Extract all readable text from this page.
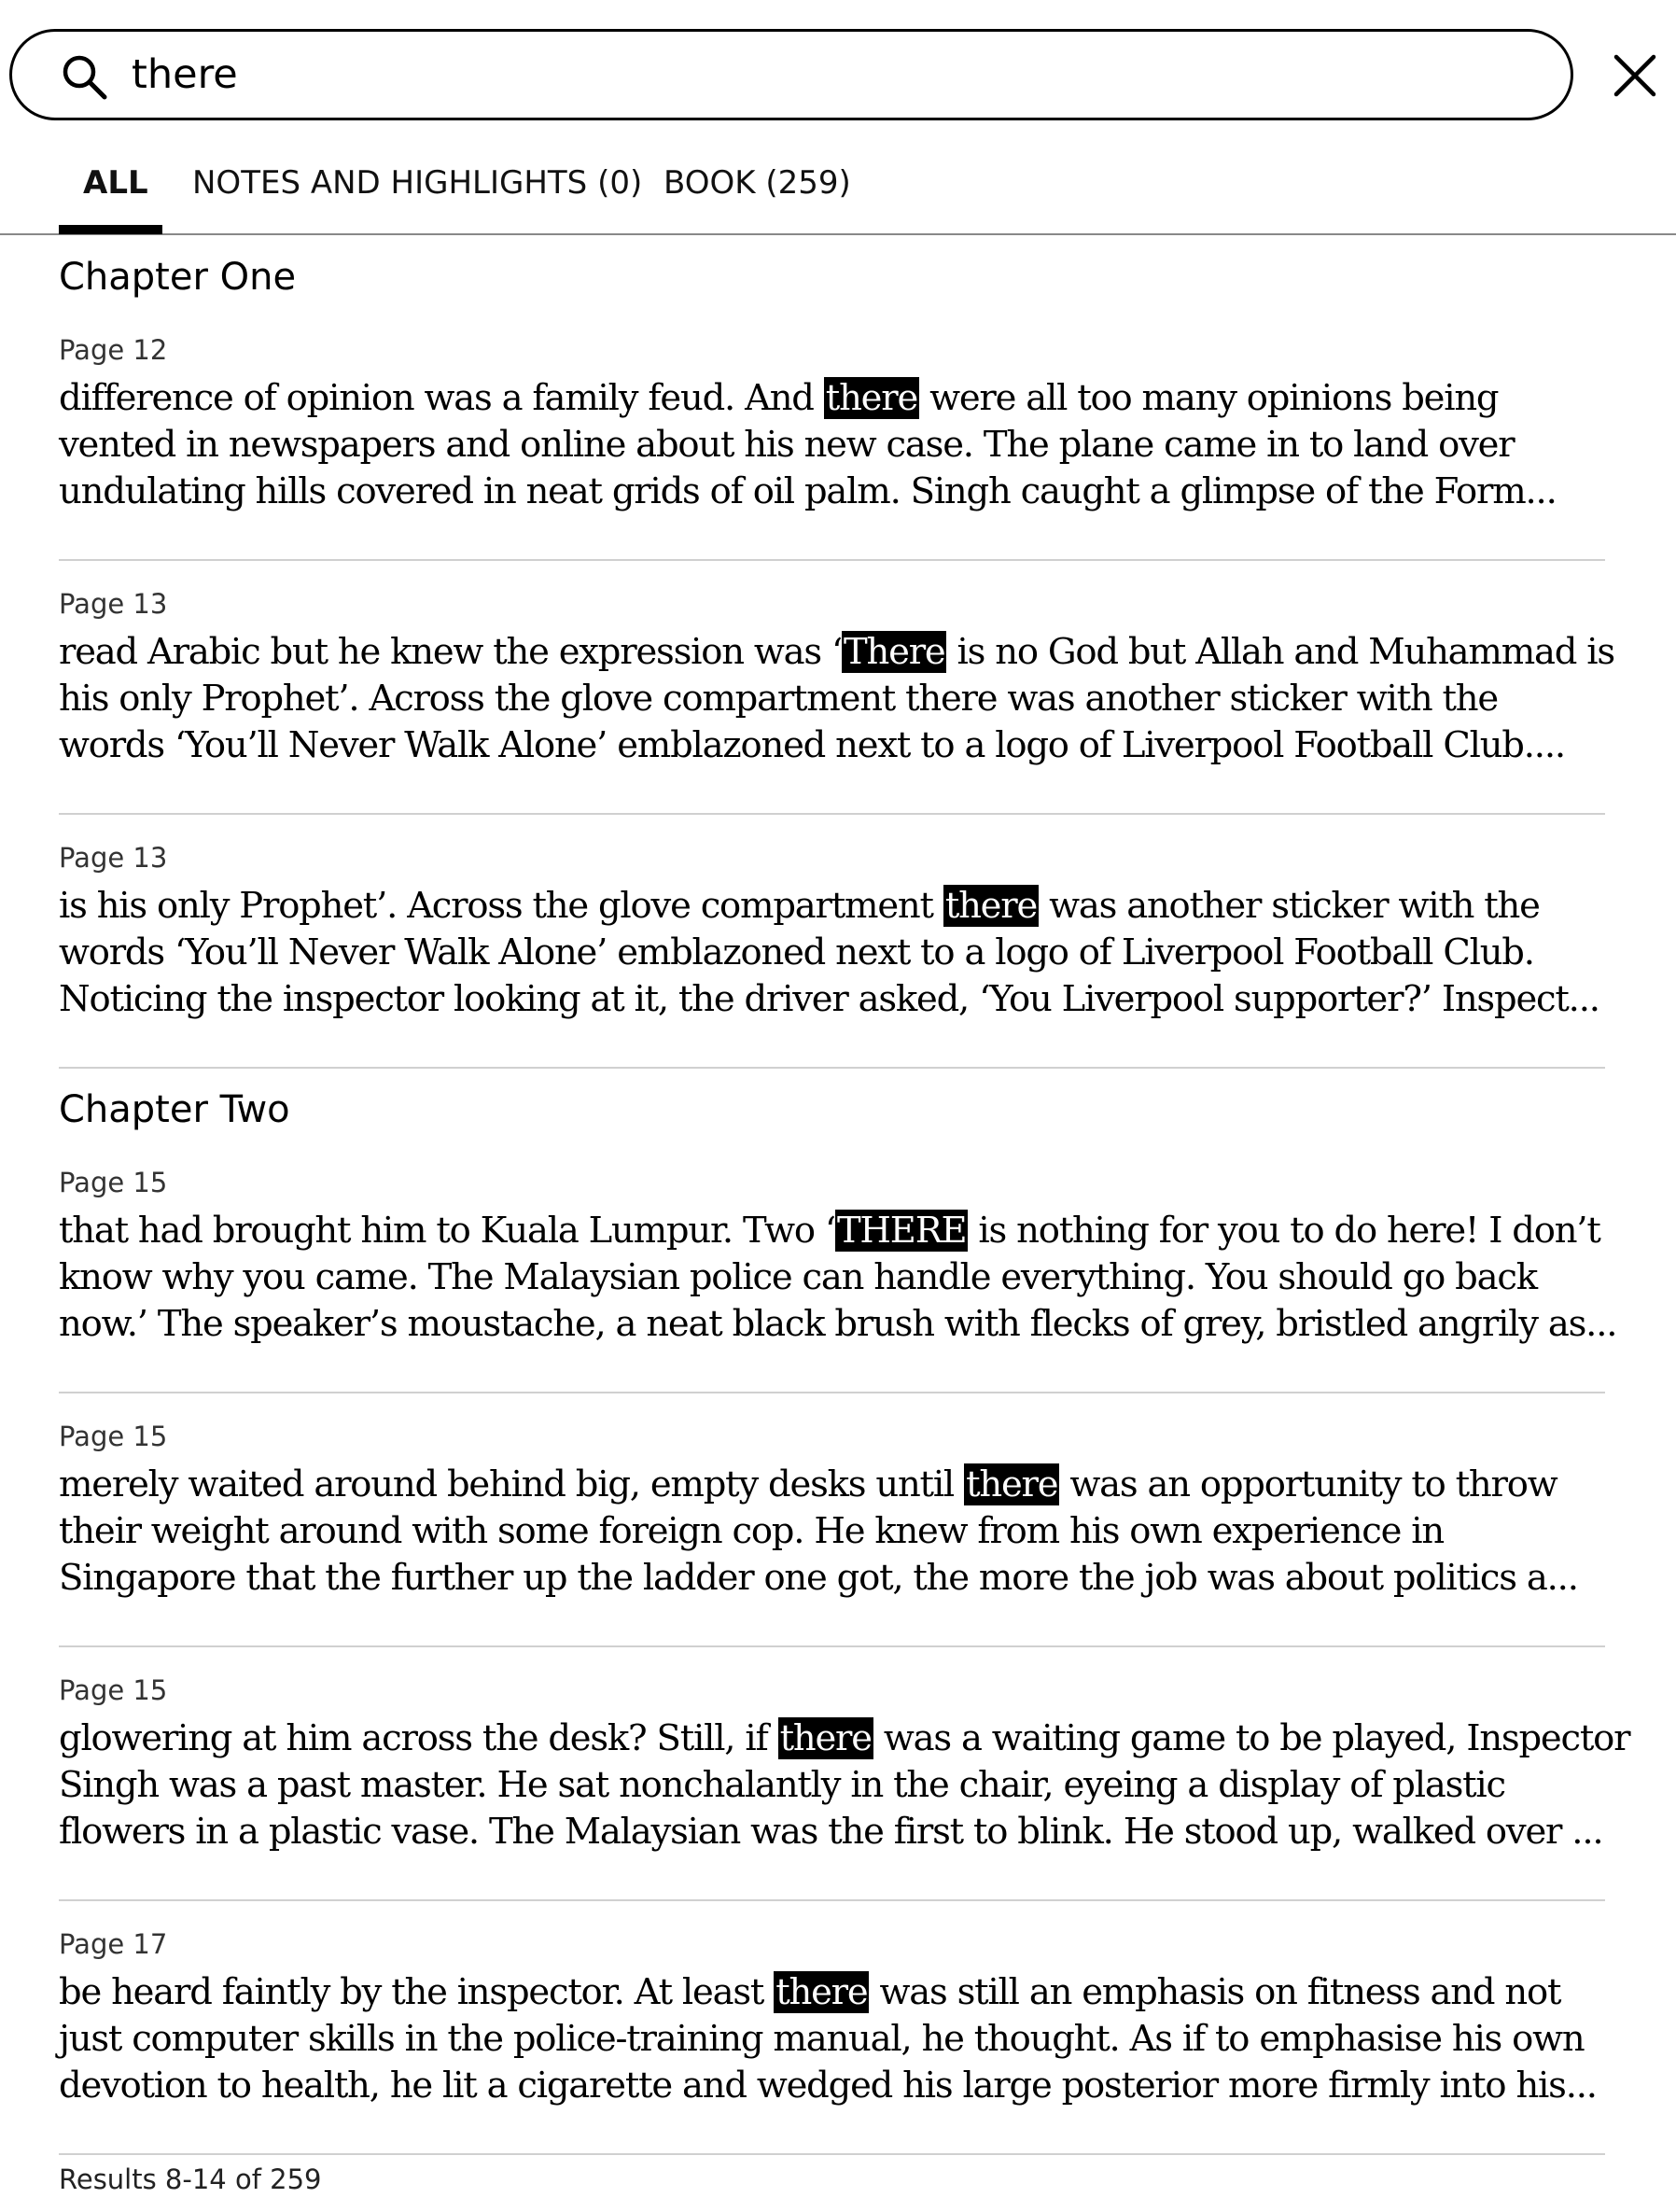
there
ALL NOTES AND HIGHLIGHTS (0) BOOK (259)
Chapter One
Page 12
difference of opinion was a family feud. And there were all too many opinions being
vented in newspapers and online about his new case. The plane came in to land over
undulating hills covered in neat grids of oil palm. Singh caught a glimpse of the Form...
Page 13
read Arabic but he knew the expression was ‘There is no God but Allah and Muhammad is
his only Prophet’. Across the glove compartment there was another sticker with the
words ‘You’ll Never Walk Alone’ emblazoned next to a logo of Liverpool Football Club....
Page 13
is his only Prophet’. Across the glove compartment there was another sticker with the
words ‘You’ll Never Walk Alone’ emblazoned next to a logo of Liverpool Football Club.
Noticing the inspector looking at it, the driver asked, ‘You Liverpool supporter?’ Inspect...
Chapter Two
Page 15
that had brought him to Kuala Lumpur. Two ‘THERE is nothing for you to do here! I don’t
know why you came. The Malaysian police can handle everything. You should go back
now.’ The speaker’s moustache, a neat black brush with flecks of grey, bristled angrily as...
Page 15
merely waited around behind big, empty desks until there was an opportunity to throw
their weight around with some foreign cop. He knew from his own experience in
Singapore that the further up the ladder one got, the more the job was about politics a...
Page 15
glowering at him across the desk? Still, if there was a waiting game to be played, Inspector
Singh was a past master. He sat nonchalantly in the chair, eyeing a display of plastic
flowers in a plastic vase. The Malaysian was the first to blink. He stood up, walked over ...
Page 17
be heard faintly by the inspector. At least there was still an emphasis on fitness and not
just computer skills in the police-training manual, he thought. As if to emphasise his own
devotion to health, he lit a cigarette and wedged his large posterior more firmly into his...
Results 8-14 of 259
